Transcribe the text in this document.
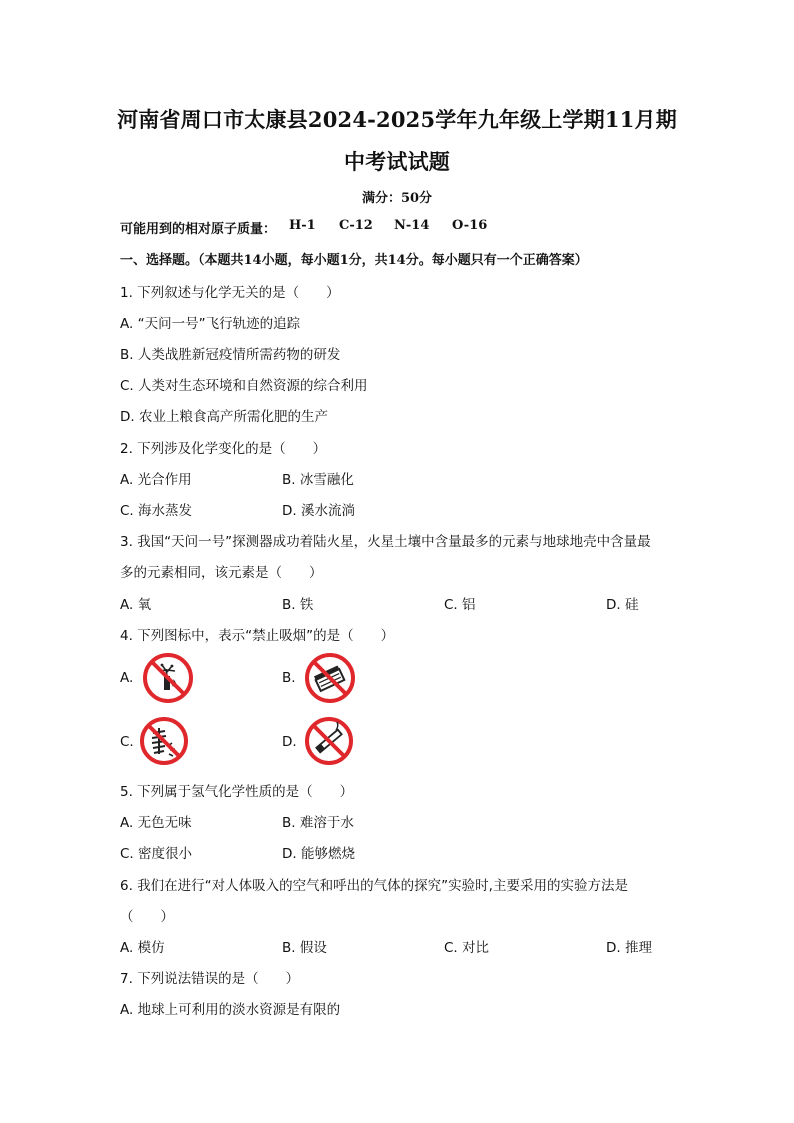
河南省周口市太康县2024-2025学年九年级上学期11月期
中考试试题
满分：50分
可能用到的相对原子质量： H-1 C-12 N-14 O-16
一、选择题。（本题共14小题，每小题1分，共14分。每小题只有一个正确答案）
1. 下列叙述与化学无关的是（　　）
A. “天问一号”飞行轨迹的追踪
B. 人类战胜新冠疫情所需药物的研发
C. 人类对生态环境和自然资源的综合利用
D. 农业上粮食高产所需化肥的生产
2. 下列涉及化学变化的是（　　）
A. 光合作用	B. 冰雪融化
C. 海水蒸发	D. 溪水流淌
3. 我国“天问一号”探测器成功着陆火星，火星土壤中含量最多的元素与地球地壳中含量最
多的元素相同，该元素是（　　）
A. 氧	B. 铁	C. 铝	D. 硅
4. 下列图标中，表示“禁止吸烟”的是（　　）
A.	B.
C.	D.
5. 下列属于氢气化学性质的是（　　）
A. 无色无味	B. 难溶于水
C. 密度很小	D. 能够燃烧
6. 我们在进行“对人体吸入的空气和呼出的气体的探究”实验时,主要采用的实验方法是
（　　）
A. 模仿	B. 假设	C. 对比	D. 推理
7. 下列说法错误的是（　　）
A. 地球上可利用的淡水资源是有限的
